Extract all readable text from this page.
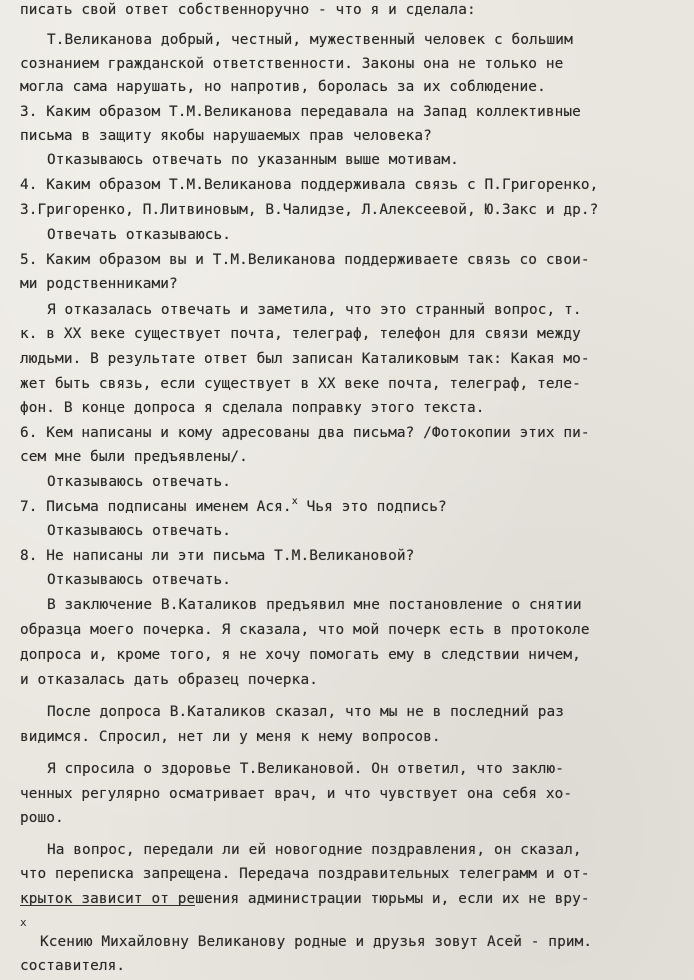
писать свой ответ собственноручно - что я и сделала:
Т.Великанова добрый, честный, мужественный человек с большим
сознанием гражданской ответственности. Законы она не только не
могла сама нарушать, но напротив, боролась за их соблюдение.
3. Каким образом Т.М.Великанова передавала на Запад коллективные
письма в защиту якобы нарушаемых прав человека?
Отказываюсь отвечать по указанным выше мотивам.
4. Каким образом Т.М.Великанова поддерживала связь с П.Григоренко,
З.Григоренко, П.Литвиновым, В.Чалидзе, Л.Алексеевой, Ю.Закс и др.?
Отвечать отказываюсь.
5. Каким образом вы и Т.М.Великанова поддерживаете связь со свои-
ми родственниками?
Я отказалась отвечать и заметила, что это странный вопрос, т.
к. в XX веке существует почта, телеграф, телефон для связи между
людьми. В результате ответ был записан Каталиковым так: Какая мо-
жет быть связь, если существует в XX веке почта, телеграф, теле-
фон. В конце допроса я сделала поправку этого текста.
6. Кем написаны и кому адресованы два письма? /Фотокопии этих пи-
сем мне были предъявлены/.
Отказываюсь отвечать.
7. Письма подписаны именем Ася.$^x$ Чья это подпись?
Отказываюсь отвечать.
8. Не написаны ли эти письма Т.М.Великановой?
Отказываюсь отвечать.
В заключение В.Каталиков предъявил мне постановление о снятии
образца моего почерка. Я сказала, что мой почерк есть в протоколе
допроса и, кроме того, я не хочу помогать ему в следствии ничем,
и отказалась дать образец почерка.
После допроса В.Каталиков сказал, что мы не в последний раз
видимся. Спросил, нет ли у меня к нему вопросов.
Я спросила о здоровье Т.Великановой. Он ответил, что заклю-
ченных регулярно осматривает врач, и что чувствует она себя хо-
рошо.
На вопрос, передали ли ей новогодние поздравления, он сказал,
что переписка запрещена. Передача поздравительных телеграмм и от-
крыток зависит от решения администрации тюрьмы и, если их не вру-
x
Ксению Михайловну Великанову родные и друзья зовут Асей - прим.
составителя.
